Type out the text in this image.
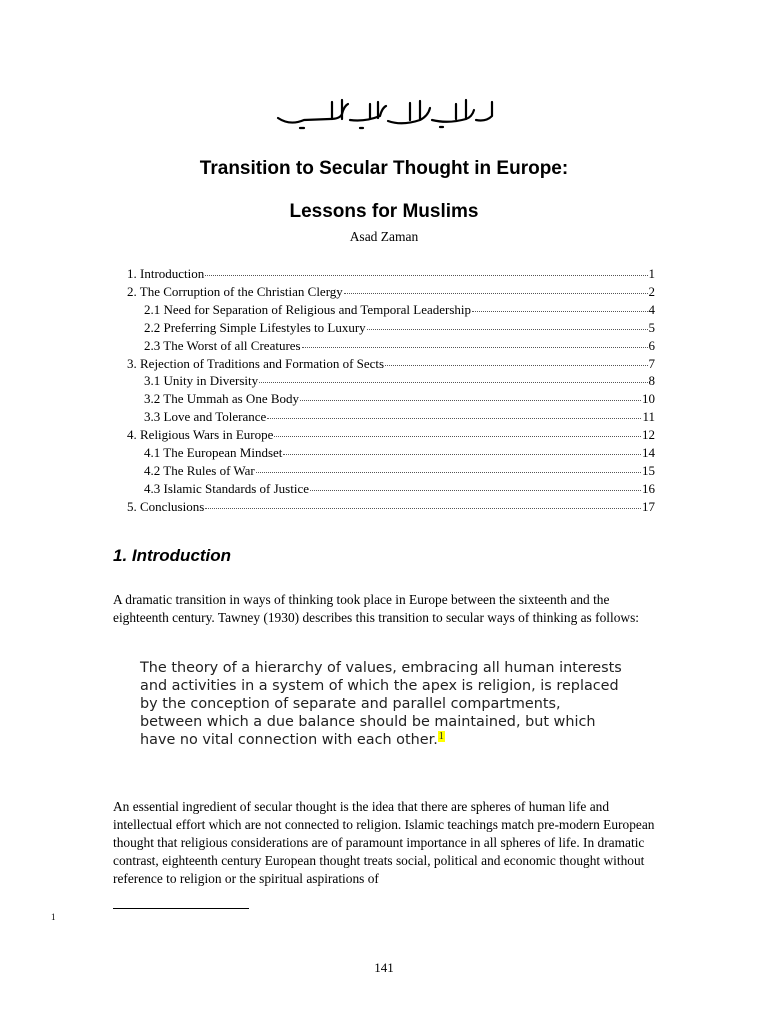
Transition to Secular Thought in Europe:
Lessons for Muslims
Asad Zaman
1. Introduction	1
2. The Corruption of the Christian Clergy	2
2.1 Need for Separation of Religious and Temporal Leadership	4
2.2 Preferring Simple Lifestyles to Luxury	5
2.3 The Worst of all Creatures	6
3. Rejection of Traditions and Formation of Sects	7
3.1 Unity in Diversity	8
3.2 The Ummah as One Body	10
3.3 Love and Tolerance	11
4. Religious Wars in Europe	12
4.1 The European Mindset	14
4.2 The Rules of War	15
4.3 Islamic Standards of Justice	16
5. Conclusions	17
1. Introduction
A dramatic transition in ways of thinking took place in Europe between the sixteenth and the eighteenth century. Tawney (1930) describes this transition to secular ways of thinking as follows:
The theory of a hierarchy of values, embracing all human interests and activities in a system of which the apex is religion, is replaced by the conception of separate and parallel compartments, between which a due balance should be maintained, but which have no vital connection with each other.$^1$
An essential ingredient of secular thought is the idea that there are spheres of human life and intellectual effort which are not connected to religion. Islamic teachings match pre-modern European thought that religious considerations are of paramount importance in all spheres of life. In dramatic contrast, eighteenth century European thought treats social, political and economic thought without reference to religion or the spiritual aspirations of
1
141
